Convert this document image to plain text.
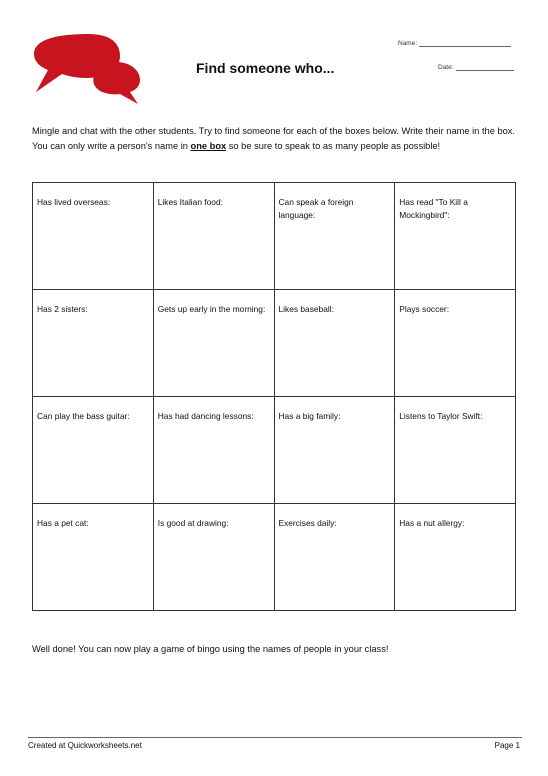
Find someone who...
Name:
Date:
Mingle and chat with the other students. Try to find someone for each of the boxes below. Write their name in the box. You can only write a person's name in one box so be sure to speak to as many people as possible!
Has lived overseas:	Likes Italian food:	Can speak a foreign language:	Has read "To Kill a Mockingbird":
Has 2 sisters:	Gets up early in the morning:	Likes baseball:	Plays soccer:
Can play the bass guitar:	Has had dancing lessons:	Has a big family:	Listens to Taylor Swift:
Has a pet cat:	Is good at drawing:	Exercises daily:	Has a nut allergy:
Well done! You can now play a game of bingo using the names of people in your class!
Created at Quickworksheets.net	Page 1
